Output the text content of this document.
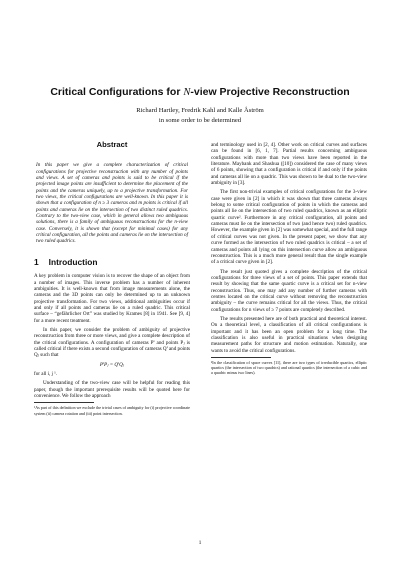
Critical Configurations for N-view Projective Reconstruction
Richard Hartley, Fredrik Kahl and Kalle Åström
in some order to be determined
Abstract

In this paper we give a complete characterization of critical configurations for projective reconstruction with any number of points and views. A set of cameras and points is said to be critical if the projected image points are insufficient to determine the placement of the points and the cameras uniquely, up to a projective transformation. For two views, the critical configurations are well-known. In this paper it is shown that a configuration of n ≥ 3 cameras and m points is critical if all points and cameras lie on the intersection of two distinct ruled quadrics. Contrary to the two-view case, which in general allows two ambiguous solutions, there is a family of ambiguous reconstructions for the n-view case. Conversely, it is shown that (except for minimal cases) for any critical configuration, all the points and cameras lie on the intersection of two ruled quadrics.

1 Introduction

A key problem in computer vision is to recover the shape of an object from a number of images. This inverse problem has a number of inherent ambiguities. It is well-known that from image measurements alone, the cameras and the 3D points can only be determined up to an unknown projective transformation. For two views, additional ambiguities occur if and only if all points and cameras lie on a ruled quadric. This critical surface – “gefährlicher Ort” was studied by Krames [8] in 1941. See [9, 4] for a more recent treatment.

In this paper, we consider the problem of ambiguity of projective reconstruction from three or more views, and give a complete description of the critical configurations. A configuration of cameras Pⁱ and points Pⱼ is called critical if there exists a second configuration of cameras Qⁱ and points Qⱼ such that

PⁱPⱼ = QⁱQⱼ

for all i, j ¹.

Understanding of the two-view case will be helpful for reading this paper, though the important prerequisite results will be quoted here for convenience. We follow the approach

¹As part of this definition we exclude the trivial cases of ambiguity for (i) projective coordinate system (ii) camera rotation and (iii) point intersection.

and terminology used in [2, 4]. Other work on critical curves and surfaces can be found in [6, 1, 7]. Partial results concerning ambiguous configurations with more than two views have been reported in the literature. Maybank and Shashua ([10]) considered the case of many views of 6 points, showing that a configuration is critical if and only if the points and cameras all lie on a quadric. This was shown to be dual to the two-view ambiguity in [3].

The first non-trivial examples of critical configurations for the 3-view case were given in [2] in which it was shown that three cameras always belong to some critical configuration of points in which the cameras and points all lie on the intersection of two ruled quadrics, known as an elliptic quartic curve². Furthermore in any critical configuration, all points and cameras must lie on the intersection of two (and hence two) ruled quadrics. However, the example given in [2] was somewhat special, and the full range of critical curves was not given. In the present paper, we show that any curve formed as the intersection of two ruled quadrics is critical – a set of cameras and points all lying on this intersection curve allow an ambiguous reconstruction. This is a much more general result than the single example of a critical curve given in [2].

The result just quoted gives a complete description of the critical configurations for three views of a set of points. This paper extends that result by showing that the same quartic curve is a critical set for n-view reconstruction. Thus, one may add any number of further cameras with centres located on the critical curve without removing the reconstruction ambiguity – the curve remains critical for all the views. Thus, the critical configurations for n views of ≥ 7 points are completely described.

The results presented here are of both practical and theoretical interest. On a theoretical level, a classification of all critical configurations is important and it has been an open problem for a long time. The classification is also useful in practical situations when designing measurement paths for structure and motion estimation. Naturally, one wants to avoid the critical configurations.

²In the classification of space curves [11], there are two types of irreducible quartics, elliptic quartics (the intersection of two quadrics) and rational quartics (the intersection of a cubic and a quadric minus two lines).

1
